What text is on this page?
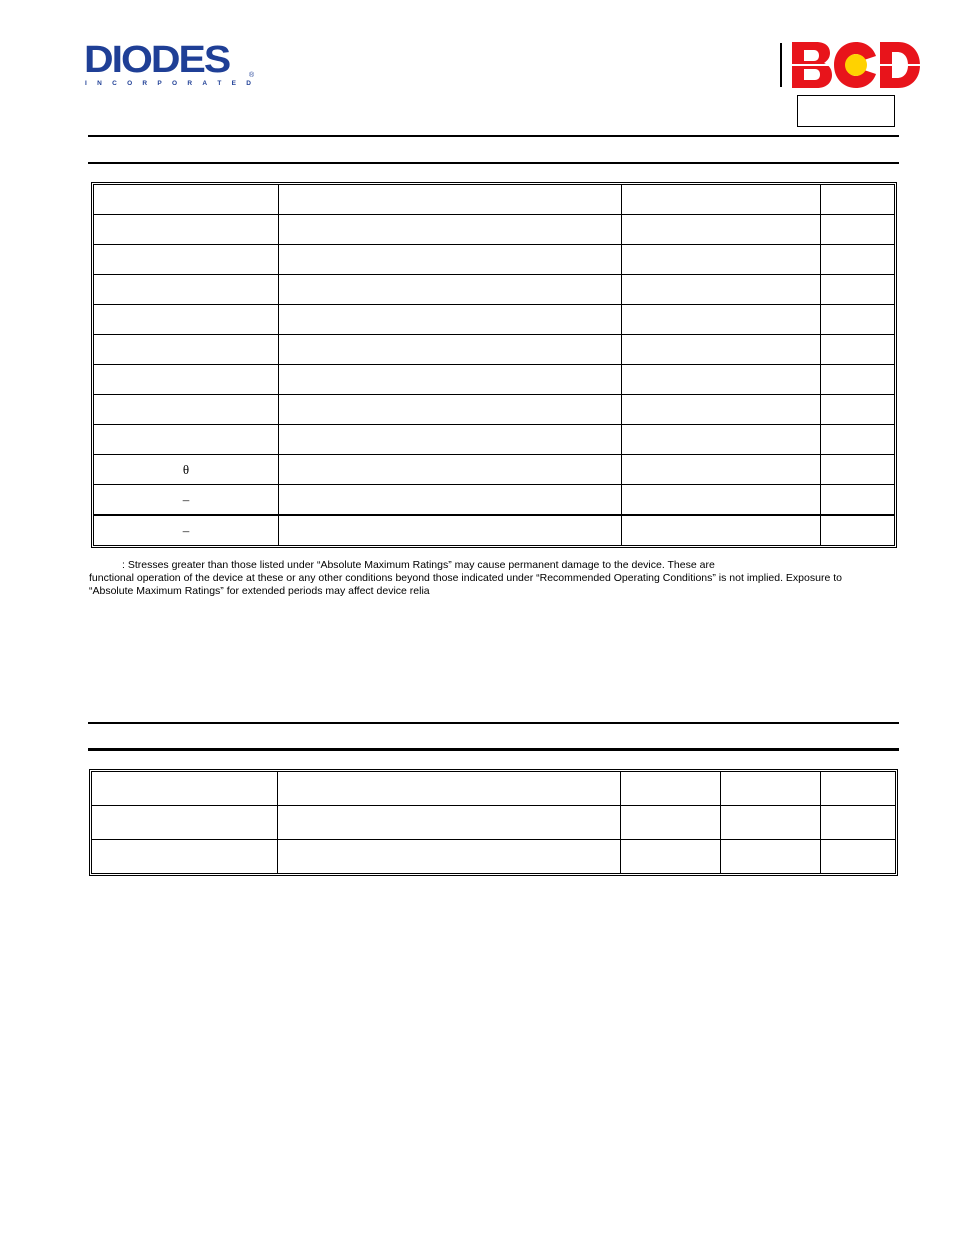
DIODES
I N C O R P O R A T E D
®

θ			
–			
–			

: Stresses greater than those listed under “Absolute Maximum Ratings” may cause permanent damage to the device. These are

functional operation of the device at these or any other conditions beyond those indicated under “Recommended Operating Conditions” is not implied. Exposure to

“Absolute Maximum Ratings” for extended periods may affect device relia
